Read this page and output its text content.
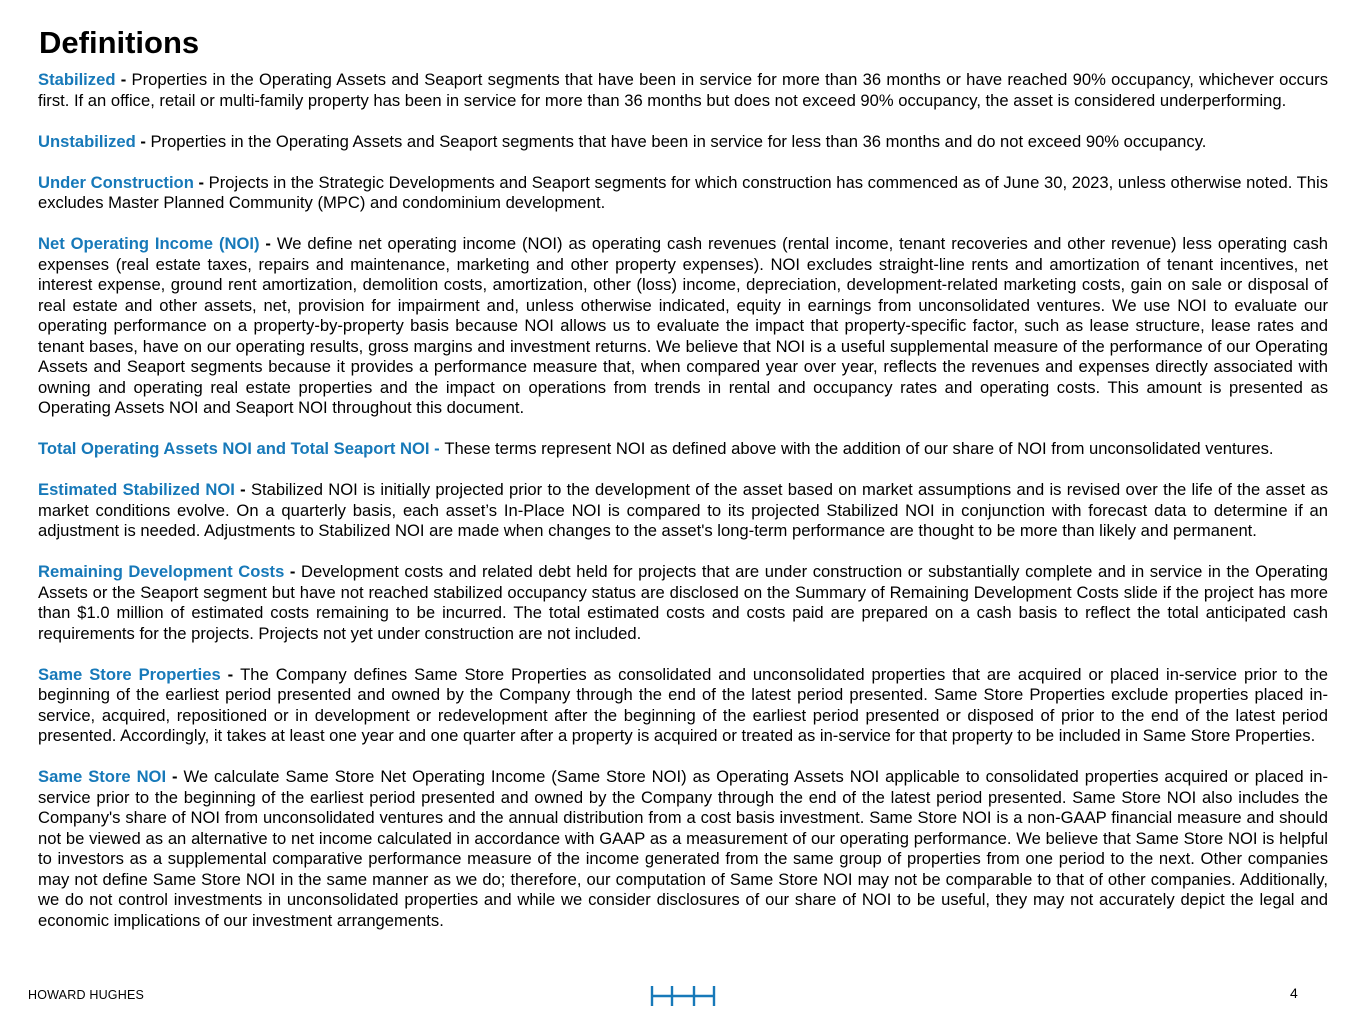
Definitions

Stabilized - Properties in the Operating Assets and Seaport segments that have been in service for more than 36 months or have reached 90% occupancy, whichever occurs first. If an office, retail or multi-family property has been in service for more than 36 months but does not exceed 90% occupancy, the asset is considered underperforming.

Unstabilized - Properties in the Operating Assets and Seaport segments that have been in service for less than 36 months and do not exceed 90% occupancy.

Under Construction - Projects in the Strategic Developments and Seaport segments for which construction has commenced as of June 30, 2023, unless otherwise noted. This excludes Master Planned Community (MPC) and condominium development.

Net Operating Income (NOI) - We define net operating income (NOI) as operating cash revenues (rental income, tenant recoveries and other revenue) less operating cash expenses (real estate taxes, repairs and maintenance, marketing and other property expenses). NOI excludes straight-line rents and amortization of tenant incentives, net interest expense, ground rent amortization, demolition costs, amortization, other (loss) income, depreciation, development-related marketing costs, gain on sale or disposal of real estate and other assets, net, provision for impairment and, unless otherwise indicated, equity in earnings from unconsolidated ventures. We use NOI to evaluate our operating performance on a property-by-property basis because NOI allows us to evaluate the impact that property-specific factor, such as lease structure, lease rates and tenant bases, have on our operating results, gross margins and investment returns. We believe that NOI is a useful supplemental measure of the performance of our Operating Assets and Seaport segments because it provides a performance measure that, when compared year over year, reflects the revenues and expenses directly associated with owning and operating real estate properties and the impact on operations from trends in rental and occupancy rates and operating costs. This amount is presented as Operating Assets NOI and Seaport NOI throughout this document.

Total Operating Assets NOI and Total Seaport NOI - These terms represent NOI as defined above with the addition of our share of NOI from unconsolidated ventures.

Estimated Stabilized NOI - Stabilized NOI is initially projected prior to the development of the asset based on market assumptions and is revised over the life of the asset as market conditions evolve. On a quarterly basis, each asset’s In-Place NOI is compared to its projected Stabilized NOI in conjunction with forecast data to determine if an adjustment is needed. Adjustments to Stabilized NOI are made when changes to the asset's long-term performance are thought to be more than likely and permanent.

Remaining Development Costs - Development costs and related debt held for projects that are under construction or substantially complete and in service in the Operating Assets or the Seaport segment but have not reached stabilized occupancy status are disclosed on the Summary of Remaining Development Costs slide if the project has more than $1.0 million of estimated costs remaining to be incurred. The total estimated costs and costs paid are prepared on a cash basis to reflect the total anticipated cash requirements for the projects. Projects not yet under construction are not included.

Same Store Properties - The Company defines Same Store Properties as consolidated and unconsolidated properties that are acquired or placed in-service prior to the beginning of the earliest period presented and owned by the Company through the end of the latest period presented. Same Store Properties exclude properties placed in-service, acquired, repositioned or in development or redevelopment after the beginning of the earliest period presented or disposed of prior to the end of the latest period presented. Accordingly, it takes at least one year and one quarter after a property is acquired or treated as in-service for that property to be included in Same Store Properties.

Same Store NOI - We calculate Same Store Net Operating Income (Same Store NOI) as Operating Assets NOI applicable to consolidated properties acquired or placed in-service prior to the beginning of the earliest period presented and owned by the Company through the end of the latest period presented. Same Store NOI also includes the Company's share of NOI from unconsolidated ventures and the annual distribution from a cost basis investment. Same Store NOI is a non-GAAP financial measure and should not be viewed as an alternative to net income calculated in accordance with GAAP as a measurement of our operating performance. We believe that Same Store NOI is helpful to investors as a supplemental comparative performance measure of the income generated from the same group of properties from one period to the next. Other companies may not define Same Store NOI in the same manner as we do; therefore, our computation of Same Store NOI may not be comparable to that of other companies. Additionally, we do not control investments in unconsolidated properties and while we consider disclosures of our share of NOI to be useful, they may not accurately depict the legal and economic implications of our investment arrangements.

HOWARD HUGHES	4
